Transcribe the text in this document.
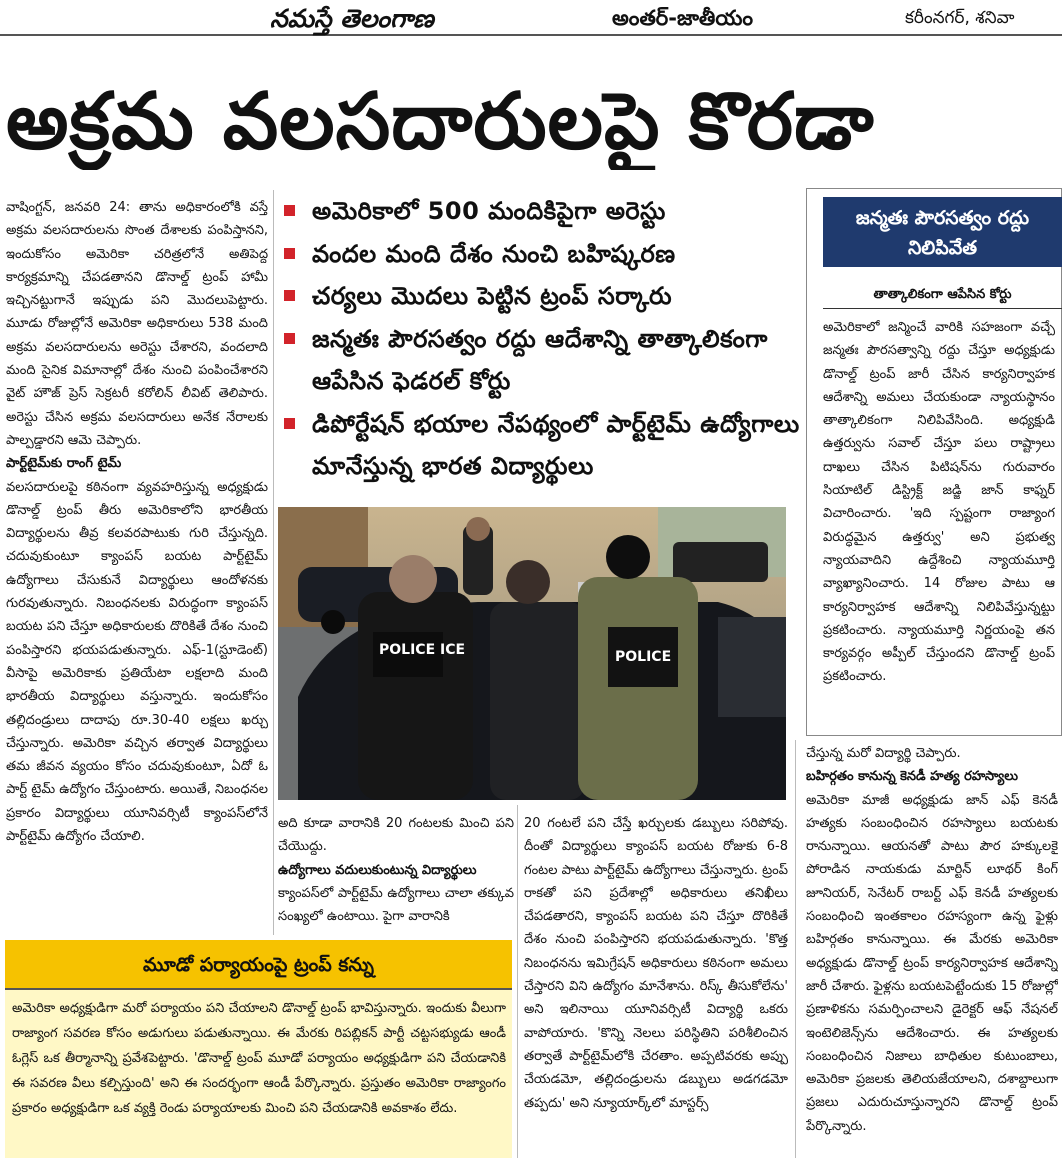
నమస్తే తెలంగాణ	అంతర్-జాతీయం	కరీంనగర్, శనివా
అక్రమ వలసదారులపై కొరడా

వాషింగ్టన్, జనవరి 24: తాను అధికారంలోకి వస్తే అక్రమ వలసదారులను సొంత దేశాలకు పంపిస్తానని, ఇందుకోసం అమెరికా చరిత్రలోనే అతిపెద్ద కార్యక్రమాన్ని చేపడతానని డొనాల్డ్ ట్రంప్ హామీ ఇచ్చినట్టుగానే ఇప్పుడు పని మొదలుపెట్టారు. మూడు రోజుల్లోనే అమెరికా అధికారులు 538 మంది అక్రమ వలసదారులను అరెస్టు చేశారని, వందలాది మంది సైనిక విమానాల్లో దేశం నుంచి పంపించేశారని వైట్ హౌజ్ ప్రెస్ సెక్రటరీ కరోలిన్ లీవిట్ తెలిపారు. అరెస్టు చేసిన అక్రమ వలసదారులు అనేక నేరాలకు పాల్పడ్డారని ఆమె చెప్పారు.

పార్ట్‌టైమ్‌కు రాంగ్ టైమ్

వలసదారులపై కఠినంగా వ్యవహరిస్తున్న అధ్యక్షుడు డొనాల్డ్ ట్రంప్ తీరు అమెరికాలోని భారతీయ విద్యార్థులను తీవ్ర కలవరపాటుకు గురి చేస్తున్నది. చదువుకుంటూ క్యాంపస్ బయట పార్ట్‌టైమ్ ఉద్యోగాలు చేసుకునే విద్యార్థులు ఆందోళనకు గురవుతున్నారు. నిబంధనలకు విరుద్ధంగా క్యాంపస్ బయట పని చేస్తూ అధికారులకు దొరికితే దేశం నుంచి పంపిస్తారని భయపడుతున్నారు. ఎఫ్-1(స్టూడెంట్) వీసాపై అమెరికాకు ప్రతియేటా లక్షలాది మంది భారతీయ విద్యార్థులు వస్తున్నారు. ఇందుకోసం తల్లిదండ్రులు దాదాపు రూ.30-40 లక్షలు ఖర్చు చేస్తున్నారు. అమెరికా వచ్చిన తర్వాత విద్యార్థులు తమ జీవన వ్యయం కోసం చదువుకుంటూ, ఏదో ఓ పార్ట్ టైమ్ ఉద్యోగం చేస్తుంటారు. అయితే, నిబంధనల ప్రకారం విద్యార్థులు యూనివర్సిటీ క్యాంపస్‌లోనే పార్ట్‌టైమ్ ఉద్యోగం చేయాలి.

అమెరికాలో 500 మందికిపైగా అరెస్టు
వందల మంది దేశం నుంచి బహిష్కరణ
చర్యలు మొదలు పెట్టిన ట్రంప్ సర్కారు
జన్మతః పౌరసత్వం రద్దు ఆదేశాన్ని తాత్కాలికంగా ఆపేసిన ఫెడరల్ కోర్టు
డిపోర్టేషన్ భయాల నేపథ్యంలో పార్ట్‌టైమ్ ఉద్యోగాలు మానేస్తున్న భారత విద్యార్థులు
POLICE ICE	POLICE

అది కూడా వారానికి 20 గంటలకు మించి పని చేయొద్దు.

ఉద్యోగాలు వదులుకుంటున్న విద్యార్థులు

క్యాంపస్‌లో పార్ట్‌టైమ్ ఉద్యోగాలు చాలా తక్కువ సంఖ్యలో ఉంటాయి. పైగా వారానికి

20 గంటలే పని చేస్తే ఖర్చులకు డబ్బులు సరిపోవు. దీంతో విద్యార్థులు క్యాంపస్ బయట రోజుకు 6-8 గంటల పాటు పార్ట్‌టైమ్ ఉద్యోగాలు చేస్తున్నారు. ట్రంప్ రాకతో పని ప్రదేశాల్లో అధికారులు తనిఖీలు చేపడతారని, క్యాంపస్ బయట పని చేస్తూ దొరికితే దేశం నుంచి పంపిస్తారని భయపడుతున్నారు. 'కొత్త నిబంధనను ఇమిగ్రేషన్ అధికారులు కఠినంగా అమలు చేస్తారని విని ఉద్యోగం మానేశాను. రిస్క్ తీసుకోలేను' అని ఇలినాయి యూనివర్సిటీ విద్యార్థి ఒకరు వాపోయారు. 'కొన్ని నెలలు పరిస్థితిని పరిశీలించిన తర్వాతే పార్ట్‌టైమ్‌లోకి చేరతాం. అప్పటివరకు అప్పు చేయడమో, తల్లిదండ్రులను డబ్బులు అడగడమో తప్పదు' అని న్యూయార్క్‌లో మాస్టర్స్

జన్మతః పౌరసత్వం రద్దు నిలిపివేత
తాత్కాలికంగా ఆపేసిన కోర్టు
అమెరికాలో జన్మించే వారికి సహజంగా వచ్చే జన్మతః పౌరసత్వాన్ని రద్దు చేస్తూ అధ్యక్షుడు డొనాల్డ్ ట్రంప్ జారీ చేసిన కార్యనిర్వాహక ఆదేశాన్ని అమలు చేయకుండా న్యాయస్థానం తాత్కాలికంగా నిలిపివేసింది. అధ్యక్షుడి ఉత్తర్వును సవాల్ చేస్తూ పలు రాష్ట్రాలు దాఖలు చేసిన పిటిషన్‌ను గురువారం సియాటిల్ డిస్ట్రిక్ట్ జడ్జి జాన్ కాఫ్నర్ విచారించారు. 'ఇది స్పష్టంగా రాజ్యాంగ విరుద్ధమైన ఉత్తర్వు' అని ప్రభుత్వ న్యాయవాదిని ఉద్దేశించి న్యాయమూర్తి వ్యాఖ్యానించారు. 14 రోజుల పాటు ఆ కార్యనిర్వాహక ఆదేశాన్ని నిలిపివేస్తున్నట్టు ప్రకటించారు. న్యాయమూర్తి నిర్ణయంపై తన కార్యవర్గం అప్పీల్ చేస్తుందని డొనాల్డ్ ట్రంప్ ప్రకటించారు.

చేస్తున్న మరో విద్యార్థి చెప్పారు.

బహిర్గతం కానున్న కెనడీ హత్య రహస్యాలు

అమెరికా మాజీ అధ్యక్షుడు జాన్ ఎఫ్ కెనడీ హత్యకు సంబంధించిన రహస్యాలు బయటకు రానున్నాయి. ఆయనతో పాటు పౌర హక్కులకై పోరాడిన నాయకుడు మార్టిన్ లూథర్ కింగ్ జూనియర్, సెనేటర్ రాబర్ట్ ఎఫ్ కెనడీ హత్యలకు సంబంధించి ఇంతకాలం రహస్యంగా ఉన్న ఫైళ్లు బహిర్గతం కానున్నాయి. ఈ మేరకు అమెరికా అధ్యక్షుడు డొనాల్డ్ ట్రంప్ కార్యనిర్వాహక ఆదేశాన్ని జారీ చేశారు. ఫైళ్లను బయటపెట్టేందుకు 15 రోజుల్లో ప్రణాళికను సమర్పించాలని డైరెక్టర్ ఆఫ్ నేషనల్ ఇంటెలిజెన్స్‌ను ఆదేశించారు. ఈ హత్యలకు సంబంధించిన నిజాలు బాధితుల కుటుంబాలు, అమెరికా ప్రజలకు తెలియజేయాలని, దశాబ్దాలుగా ప్రజలు ఎదురుచూస్తున్నారని డొనాల్డ్ ట్రంప్ పేర్కొన్నారు.

మూడో పర్యాయంపై ట్రంప్ కన్ను
అమెరికా అధ్యక్షుడిగా మరో పర్యాయం పని చేయాలని డొనాల్డ్ ట్రంప్ భావిస్తున్నారు. ఇందుకు వీలుగా రాజ్యాంగ సవరణ కోసం అడుగులు పడుతున్నాయి. ఈ మేరకు రిపబ్లికన్ పార్టీ చట్టసభ్యుడు ఆండీ ఓగ్లెస్ ఒక తీర్మానాన్ని ప్రవేశపెట్టారు. 'డొనాల్డ్ ట్రంప్ మూడో పర్యాయం అధ్యక్షుడిగా పని చేయడానికి ఈ సవరణ వీలు కల్పిస్తుంది' అని ఈ సందర్భంగా ఆండీ పేర్కొన్నారు. ప్రస్తుతం అమెరికా రాజ్యాంగం ప్రకారం అధ్యక్షుడిగా ఒక వ్యక్తి రెండు పర్యాయాలకు మించి పని చేయడానికి అవకాశం లేదు.
